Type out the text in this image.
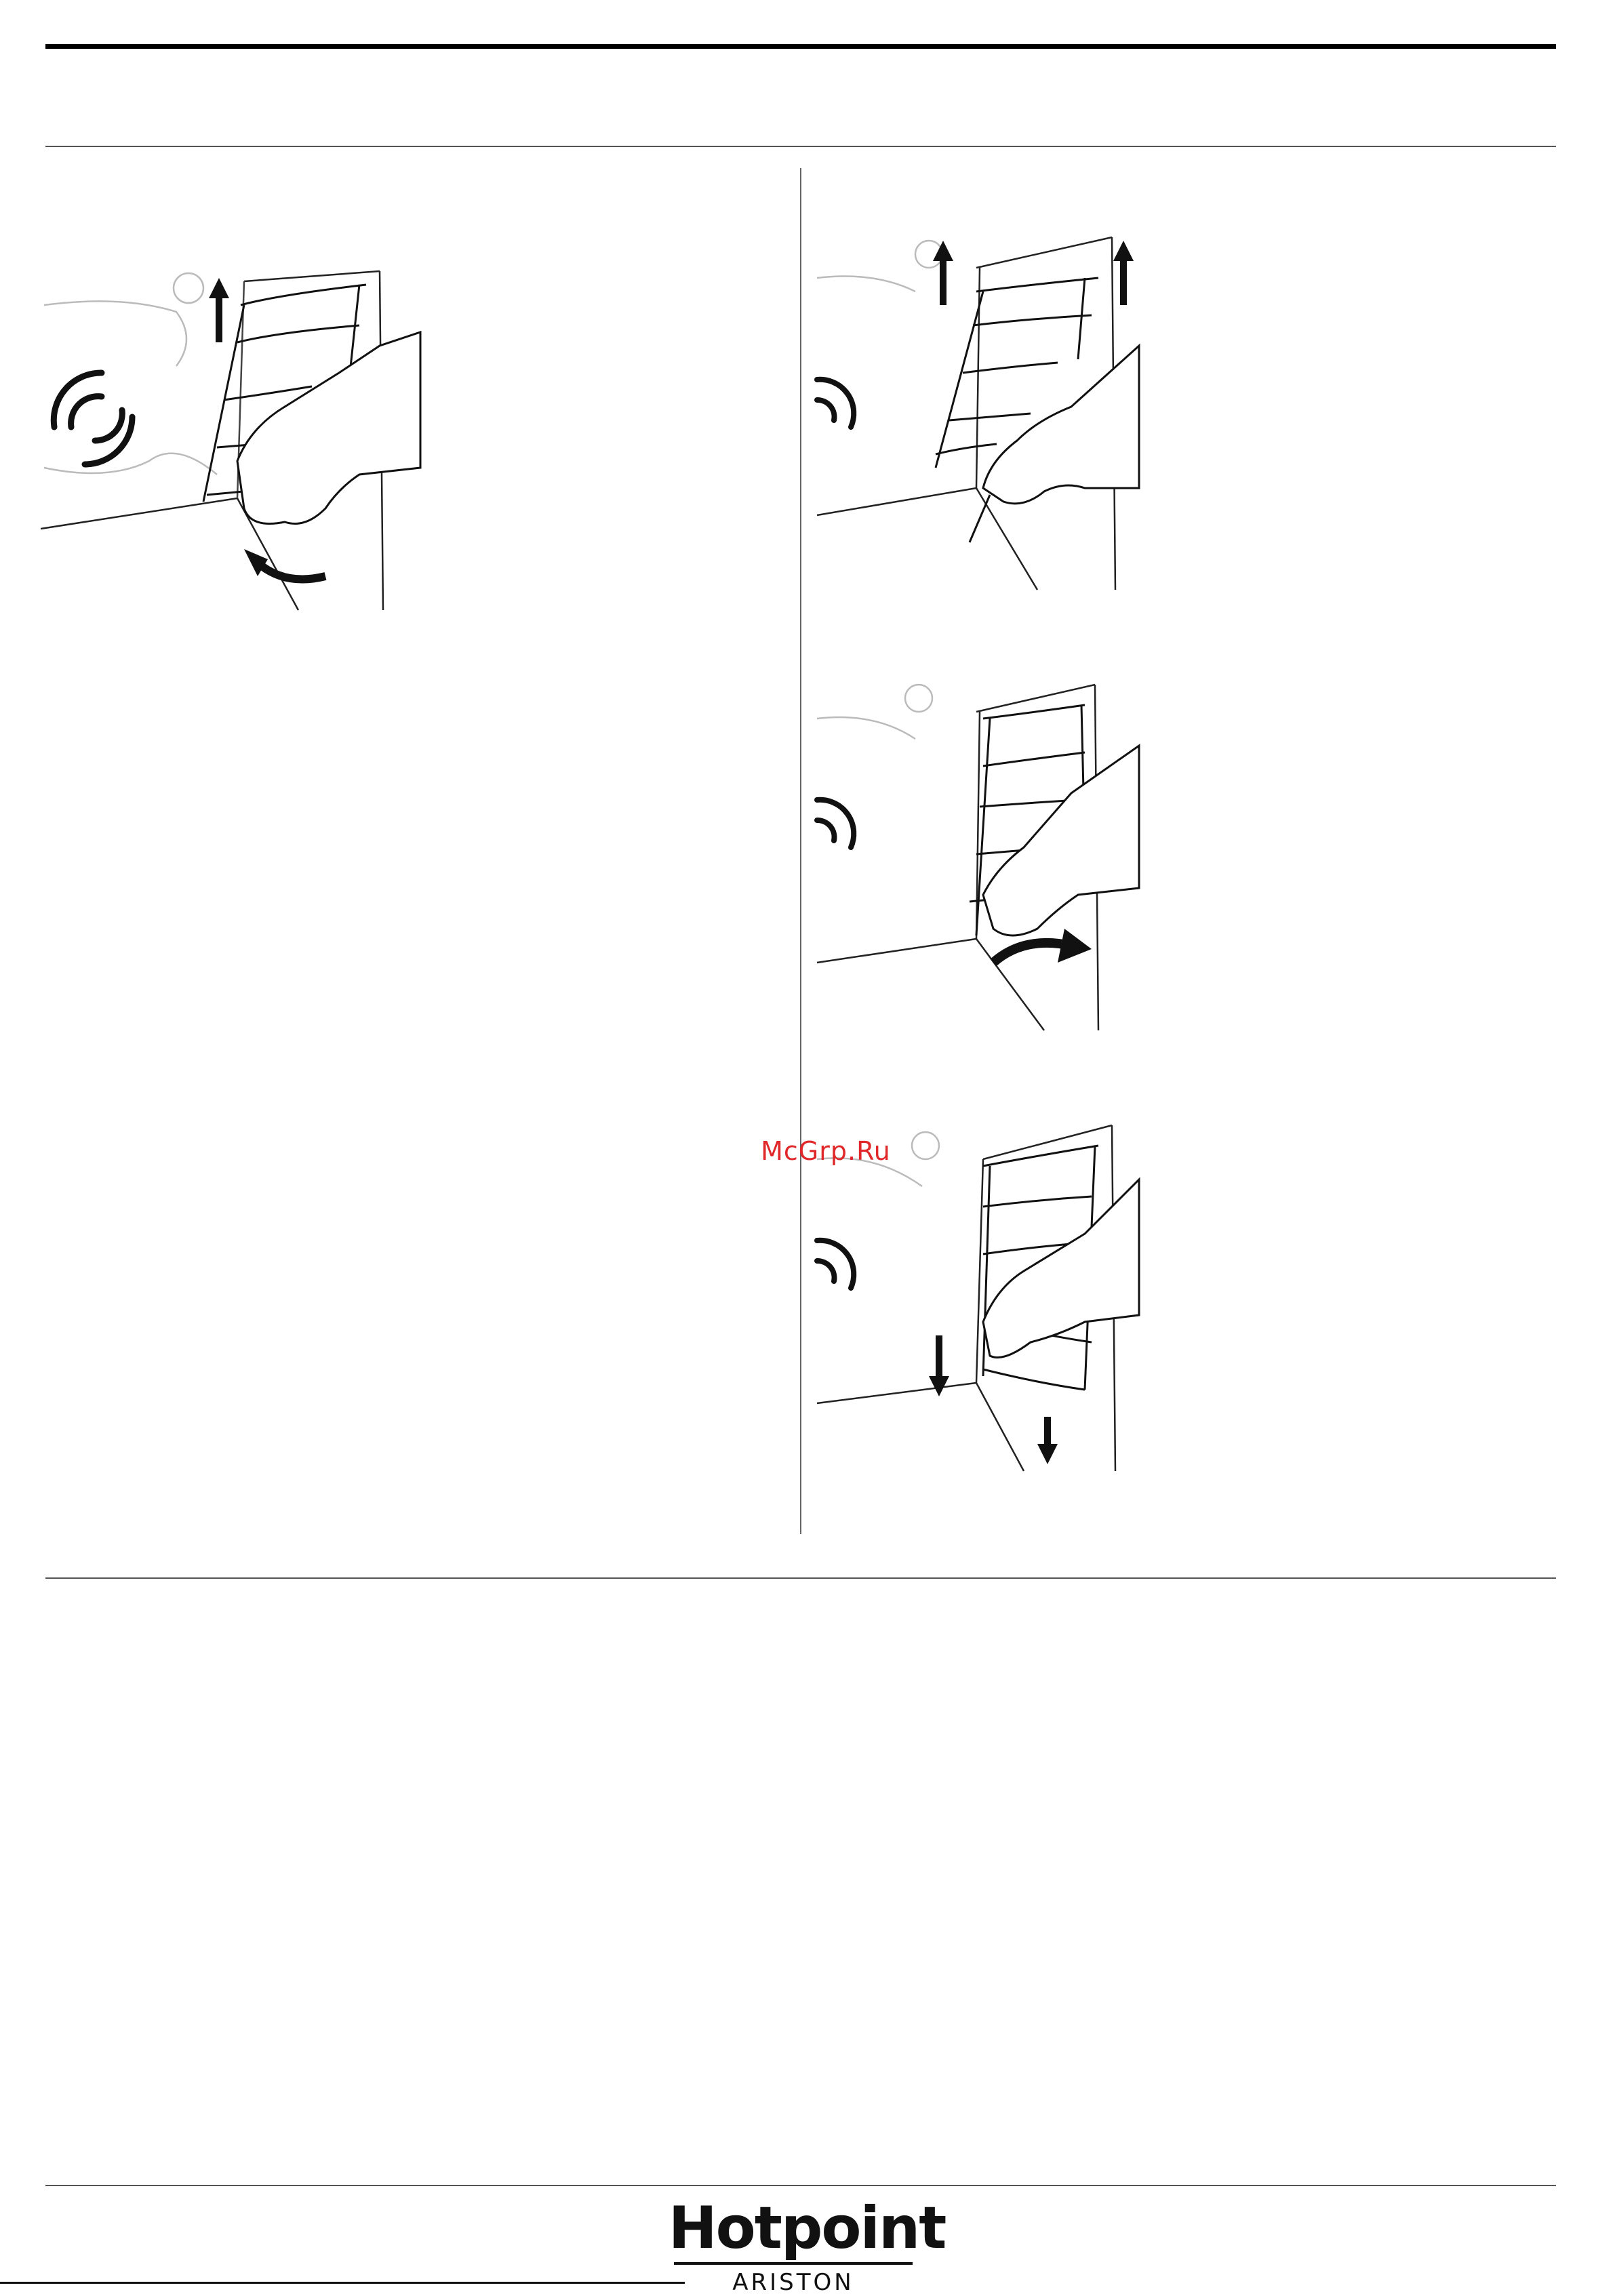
McGrp.Ru
Hotpoint
ARISTON
